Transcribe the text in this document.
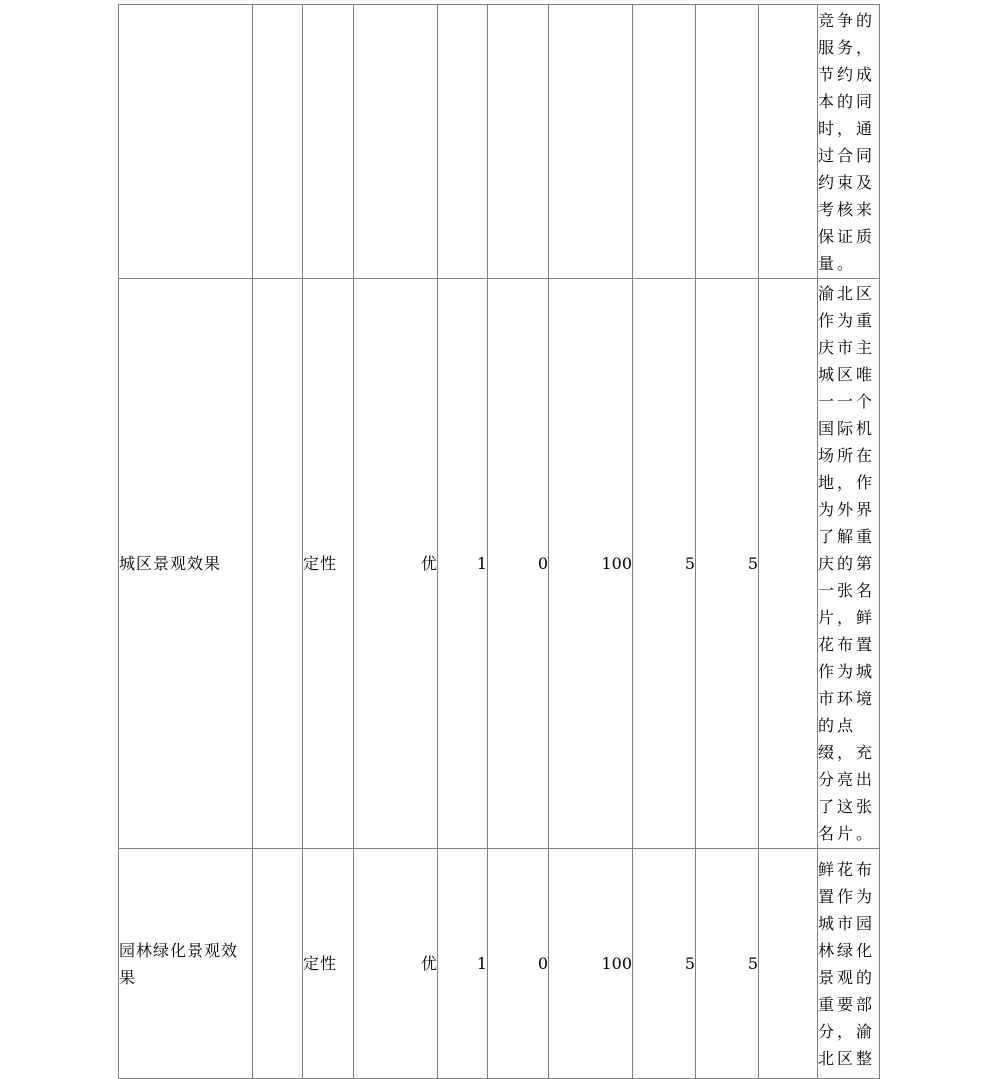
										竞争的服务，节约成本的同时，通过合同约束及考核来保证质量。
城区景观效果		定性	优	1	0	100	5	5		渝北区作为重庆市主城区唯一一个国际机场所在地，作为外界了解重庆的第一张名片，鲜花布置作为城市环境的点缀，充分亮出了这张名片。
园林绿化景观效果		定性	优	1	0	100	5	5		鲜花布置作为城市园林绿化景观的重要部分，渝北区整
